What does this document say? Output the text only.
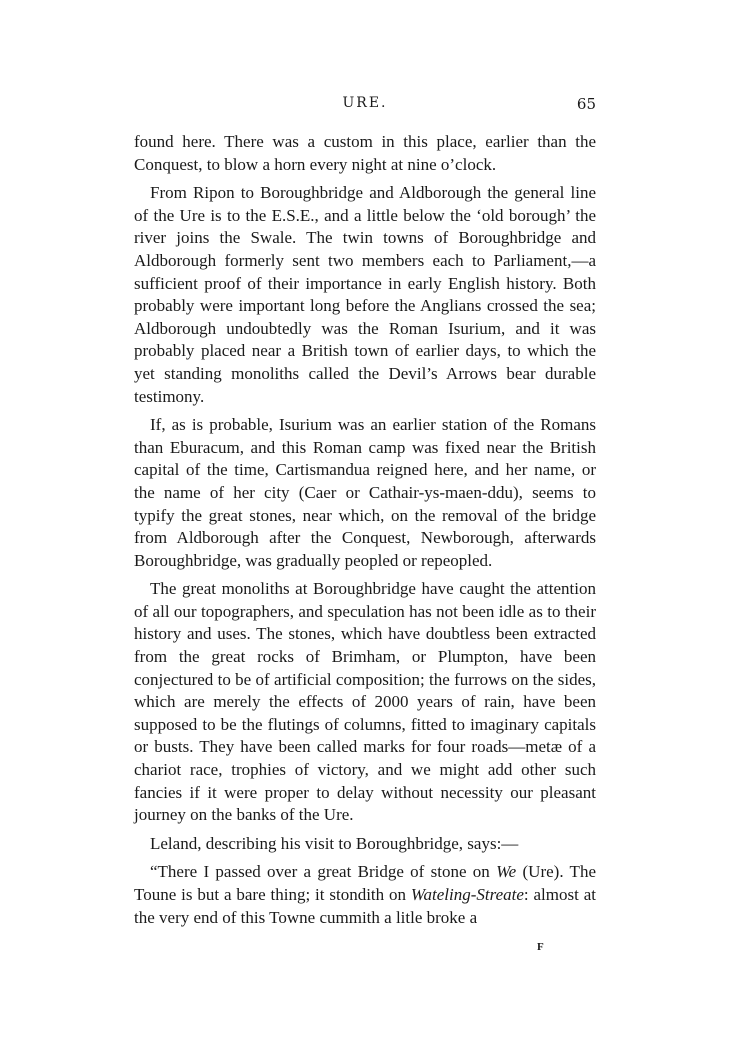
URE.	65

found here. There was a custom in this place, earlier than the Conquest, to blow a horn every night at nine o’clock.

From Ripon to Boroughbridge and Aldborough the general line of the Ure is to the E.S.E., and a little below the ‘old borough’ the river joins the Swale. The twin towns of Boroughbridge and Aldborough formerly sent two members each to Parliament,—a sufficient proof of their importance in early English history. Both probably were important long before the Anglians crossed the sea; Aldborough undoubtedly was the Roman Isurium, and it was probably placed near a British town of earlier days, to which the yet standing monoliths called the Devil’s Arrows bear durable testimony.

If, as is probable, Isurium was an earlier station of the Romans than Eburacum, and this Roman camp was fixed near the British capital of the time, Cartismandua reigned here, and her name, or the name of her city (Caer or Cathair-ys-maen-ddu), seems to typify the great stones, near which, on the removal of the bridge from Aldborough after the Conquest, Newborough, afterwards Boroughbridge, was gradually peopled or repeopled.

The great monoliths at Boroughbridge have caught the attention of all our topographers, and speculation has not been idle as to their history and uses. The stones, which have doubtless been extracted from the great rocks of Brimham, or Plumpton, have been conjectured to be of artificial composition; the furrows on the sides, which are merely the effects of 2000 years of rain, have been supposed to be the flutings of columns, fitted to imaginary capitals or busts. They have been called marks for four roads—metæ of a chariot race, trophies of victory, and we might add other such fancies if it were proper to delay without necessity our pleasant journey on the banks of the Ure.

Leland, describing his visit to Boroughbridge, says:—

“There I passed over a great Bridge of stone on We (Ure). The Toune is but a bare thing; it stondith on Wateling-Streate: almost at the very end of this Towne cummith a litle broke a

F
